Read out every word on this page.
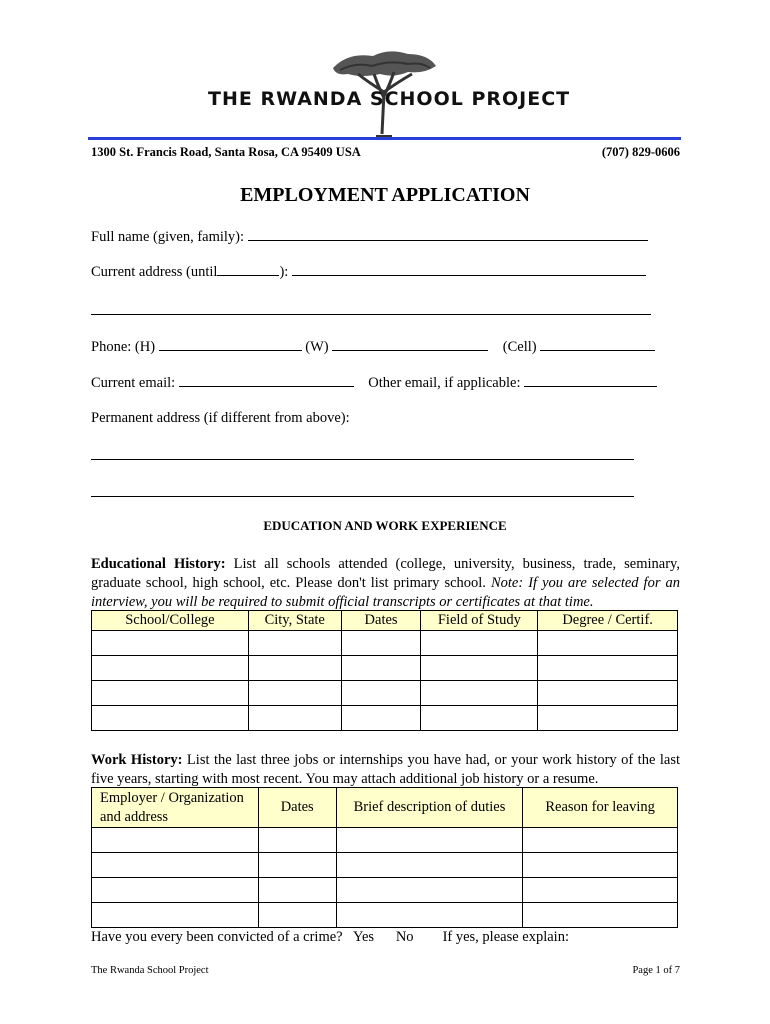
THE RWANDA SCHOOL PROJECT
1300 St. Francis Road, Santa Rosa, CA 95409 USA	(707) 829-0606
EMPLOYMENT APPLICATION
Full name (given, family):
Current address (until	):
Phone: (H)	(W)	(Cell)
Current email:	Other email, if applicable:
Permanent address (if different from above):
EDUCATION AND WORK EXPERIENCE
Educational History: List all schools attended (college, university, business, trade, seminary, graduate school, high school, etc. Please don't list primary school. Note: If you are selected for an interview, you will be required to submit official transcripts or certificates at that time.
School/College	City, State	Dates	Field of Study	Degree / Certif.

Work History: List the last three jobs or internships you have had, or your work history of the last five years, starting with most recent. You may attach additional job history or a resume.
Employer / Organization and address	Dates	Brief description of duties	Reason for leaving

Have you every been convicted of a crime? Yes No If yes, please explain:
The Rwanda School Project	Page 1 of 7
